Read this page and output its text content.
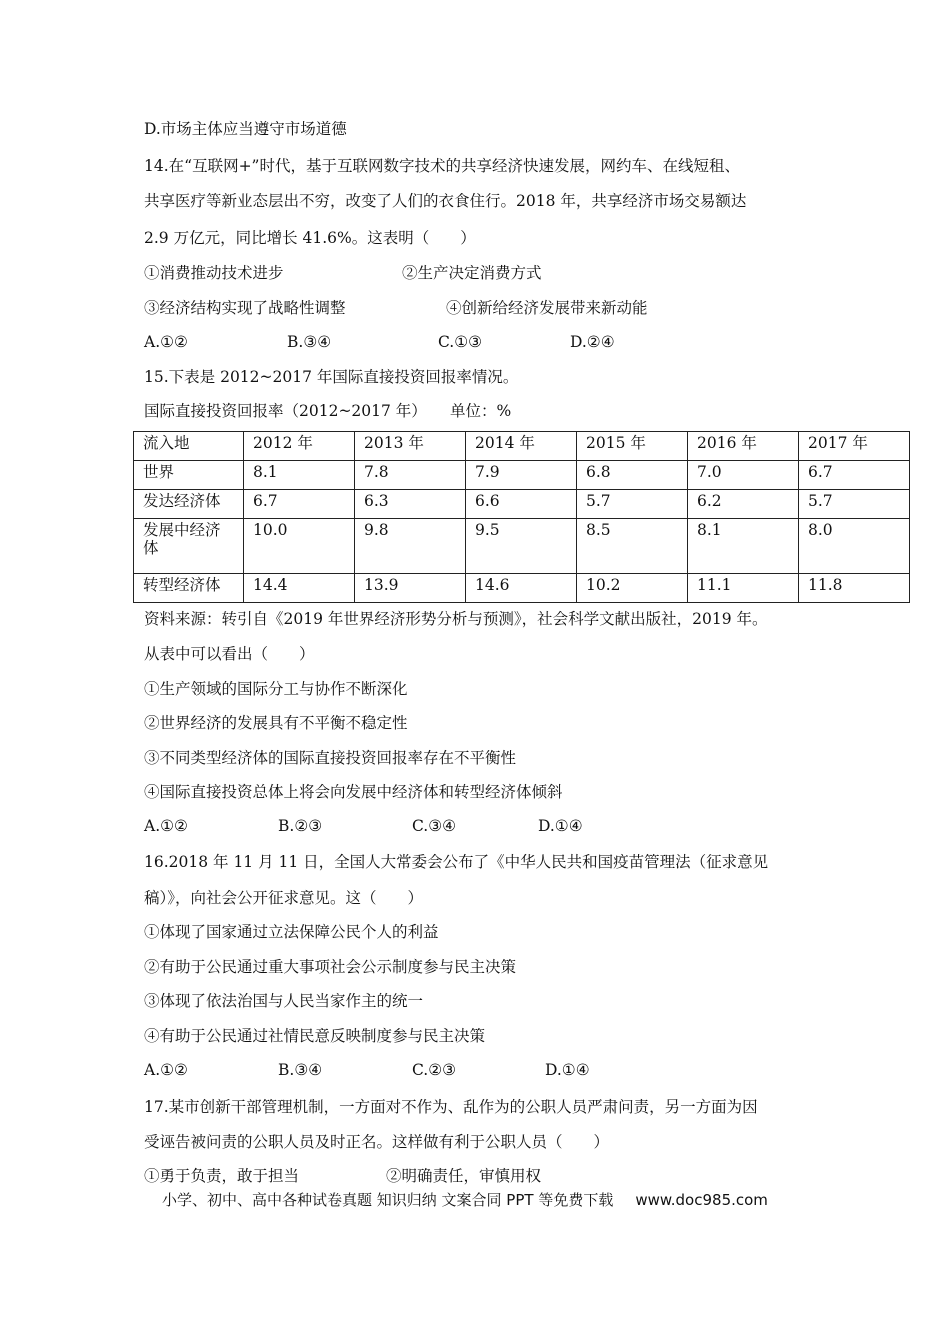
D.市场主体应当遵守市场道德
14.在“互联网+”时代，基于互联网数字技术的共享经济快速发展，网约车、在线短租、
共享医疗等新业态层出不穷，改变了人们的衣食住行。2018 年，共享经济市场交易额达
2.9 万亿元，同比增长 41.6%。这表明（　　）
①消费推动技术进步	②生产决定消费方式
③经济结构实现了战略性调整	④创新给经济发展带来新动能
A.①②	B.③④	C.①③	D.②④
15.下表是 2012~2017 年国际直接投资回报率情况。
国际直接投资回报率（2012~2017 年）　　单位：%
流入地	2012 年	2013 年	2014 年	2015 年	2016 年	2017 年
世界	8.1	7.8	7.9	6.8	7.0	6.7
发达经济体	6.7	6.3	6.6	5.7	6.2	5.7
发展中经济体	10.0	9.8	9.5	8.5	8.1	8.0
转型经济体	14.4	13.9	14.6	10.2	11.1	11.8
资料来源：转引自《2019 年世界经济形势分析与预测》，社会科学文献出版社，2019 年。
从表中可以看出（　　）
①生产领域的国际分工与协作不断深化
②世界经济的发展具有不平衡不稳定性
③不同类型经济体的国际直接投资回报率存在不平衡性
④国际直接投资总体上将会向发展中经济体和转型经济体倾斜
A.①②	B.②③	C.③④	D.①④
16.2018 年 11 月 11 日，全国人大常委会公布了《中华人民共和国疫苗管理法（征求意见
稿）》，向社会公开征求意见。这（　　）
①体现了国家通过立法保障公民个人的利益
②有助于公民通过重大事项社会公示制度参与民主决策
③体现了依法治国与人民当家作主的统一
④有助于公民通过社情民意反映制度参与民主决策
A.①②	B.③④	C.②③	D.①④
17.某市创新干部管理机制，一方面对不作为、乱作为的公职人员严肃问责，另一方面为因
受诬告被问责的公职人员及时正名。这样做有利于公职人员（　　）
①勇于负责，敢于担当	②明确责任，审慎用权
小学、初中、高中各种试卷真题 知识归纳 文案合同 PPT 等免费下载 www.doc985.com
